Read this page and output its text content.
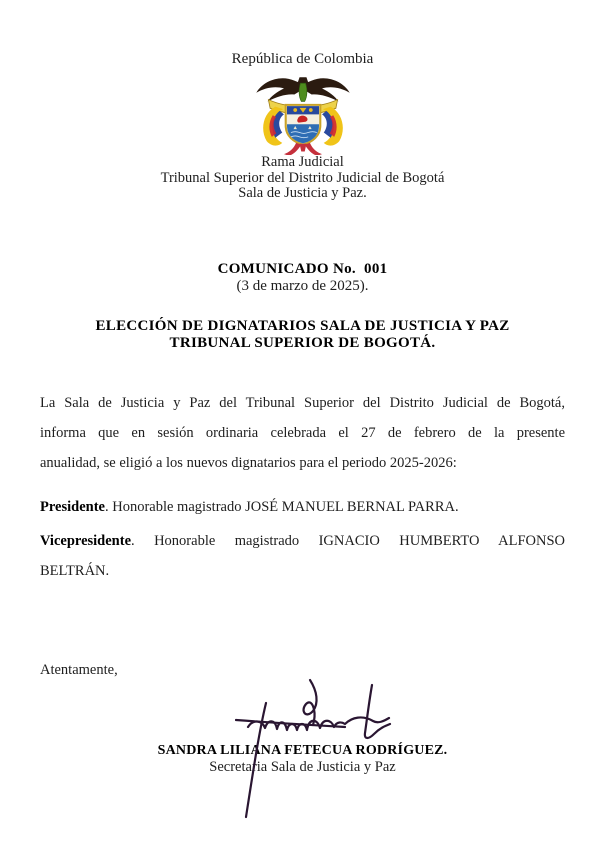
República de Colombia
Rama Judicial
Tribunal Superior del Distrito Judicial de Bogotá
Sala de Justicia y Paz.
COMUNICADO No.  001
(3 de marzo de 2025).
ELECCIÓN DE DIGNATARIOS SALA DE JUSTICIA Y PAZ
TRIBUNAL SUPERIOR DE BOGOTÁ.
La Sala de Justicia y Paz del Tribunal Superior del Distrito Judicial de Bogotá,
informa que en sesión ordinaria celebrada el 27 de febrero de la presente
anualidad, se eligió a los nuevos dignatarios para el periodo 2025-2026:

Presidente. Honorable magistrado JOSÉ MANUEL BERNAL PARRA.

Vicepresidente. Honorable magistrado IGNACIO HUMBERTO ALFONSO
BELTRÁN.
Atentamente,

SANDRA LILIANA FETECUA RODRÍGUEZ.

Secretaria Sala de Justicia y Paz
